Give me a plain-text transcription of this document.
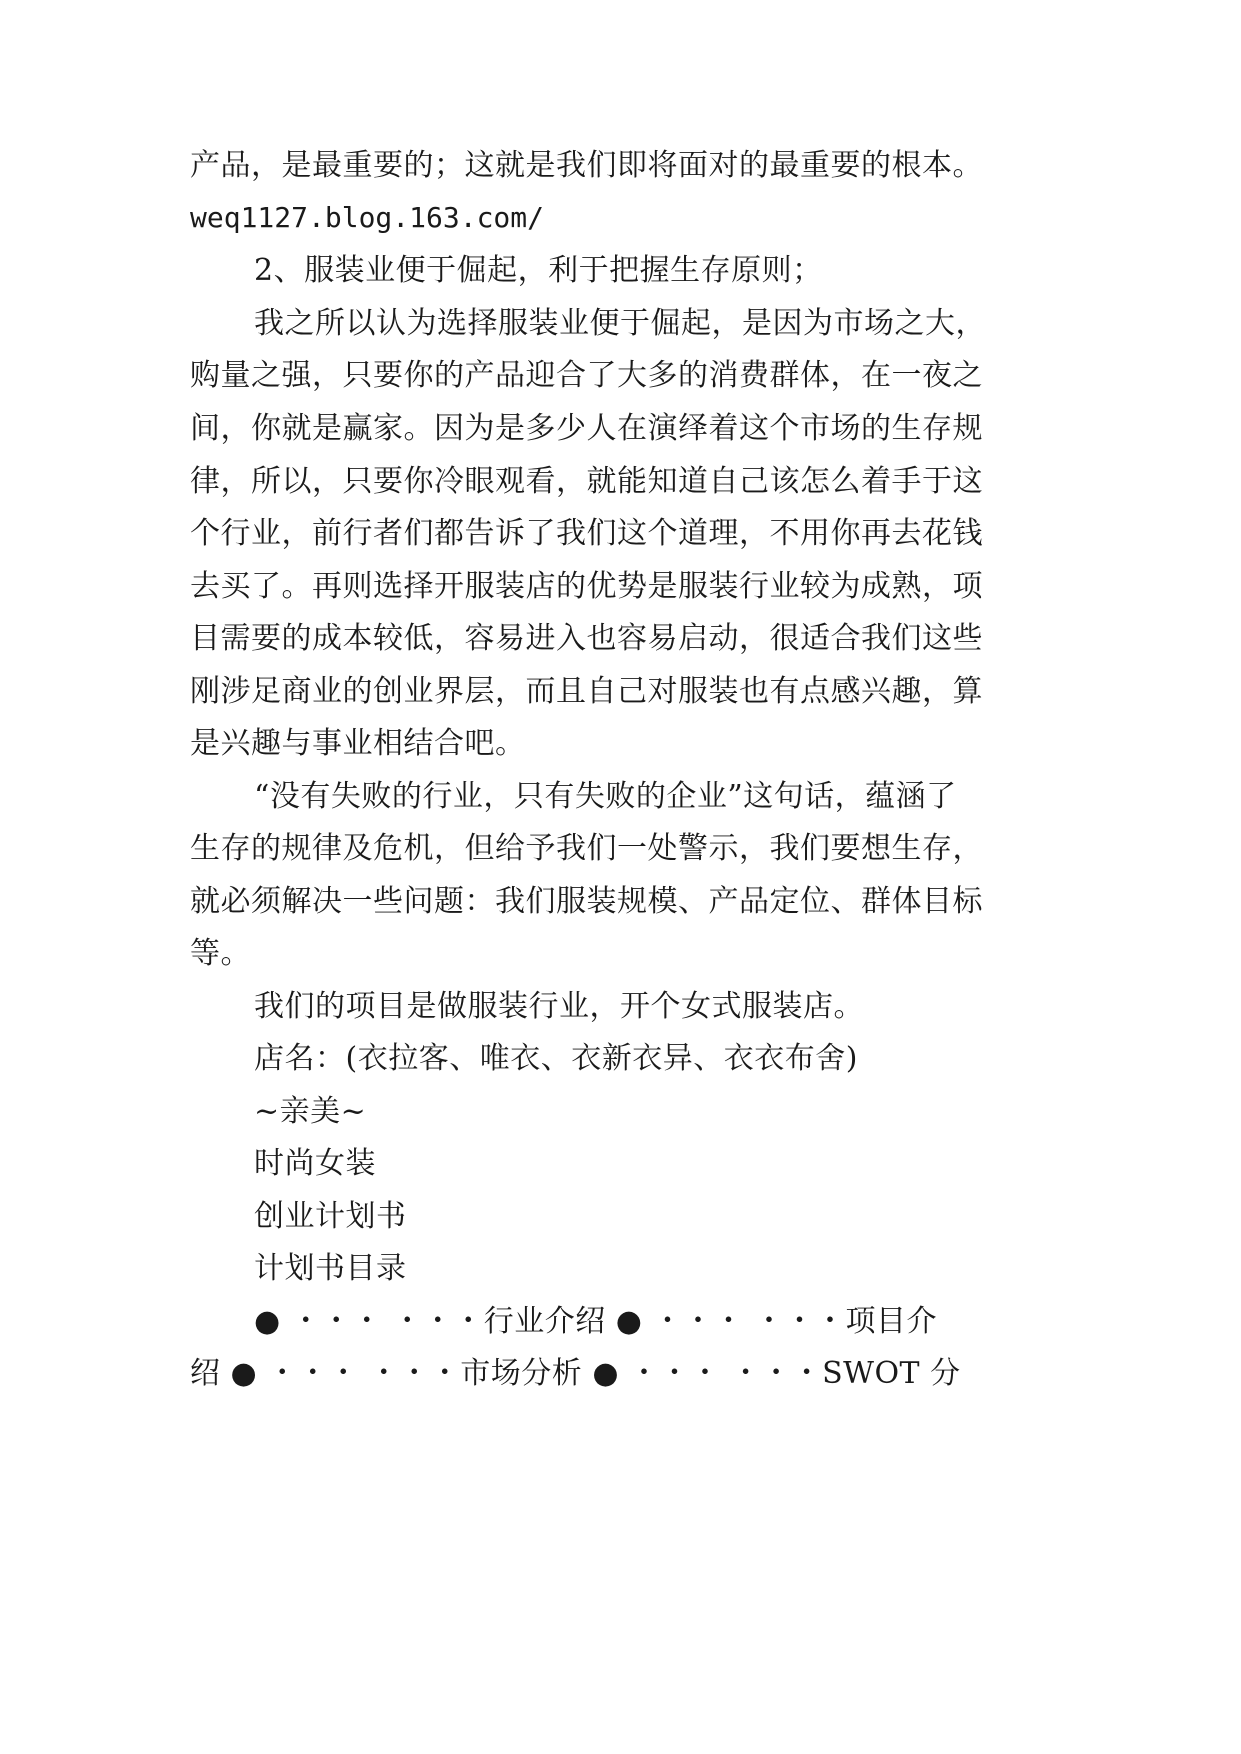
产品，是最重要的；这就是我们即将面对的最重要的根本。
weq1127.blog.163.com/
2、服装业便于倔起，利于把握生存原则；
我之所以认为选择服装业便于倔起，是因为市场之大，
购量之强，只要你的产品迎合了大多的消费群体，在一夜之
间，你就是赢家。因为是多少人在演绎着这个市场的生存规
律，所以，只要你冷眼观看，就能知道自己该怎么着手于这
个行业，前行者们都告诉了我们这个道理，不用你再去花钱
去买了。再则选择开服装店的优势是服装行业较为成熟，项
目需要的成本较低，容易进入也容易启动，很适合我们这些
刚涉足商业的创业界层，而且自己对服装也有点感兴趣，算
是兴趣与事业相结合吧。
“没有失败的行业，只有失败的企业”这句话，蕴涵了
生存的规律及危机，但给予我们一处警示，我们要想生存，
就必须解决一些问题：我们服装规模、产品定位、群体目标
等。
我们的项目是做服装行业，开个女式服装店。
店名：(衣拉客、唯衣、衣新衣异、衣衣布舍)
~亲美~
时尚女装
创业计划书
计划书目录
● ・・・ ・・・行业介绍 ● ・・・ ・・・项目介
绍 ● ・・・ ・・・市场分析 ● ・・・ ・・・SWOT 分
